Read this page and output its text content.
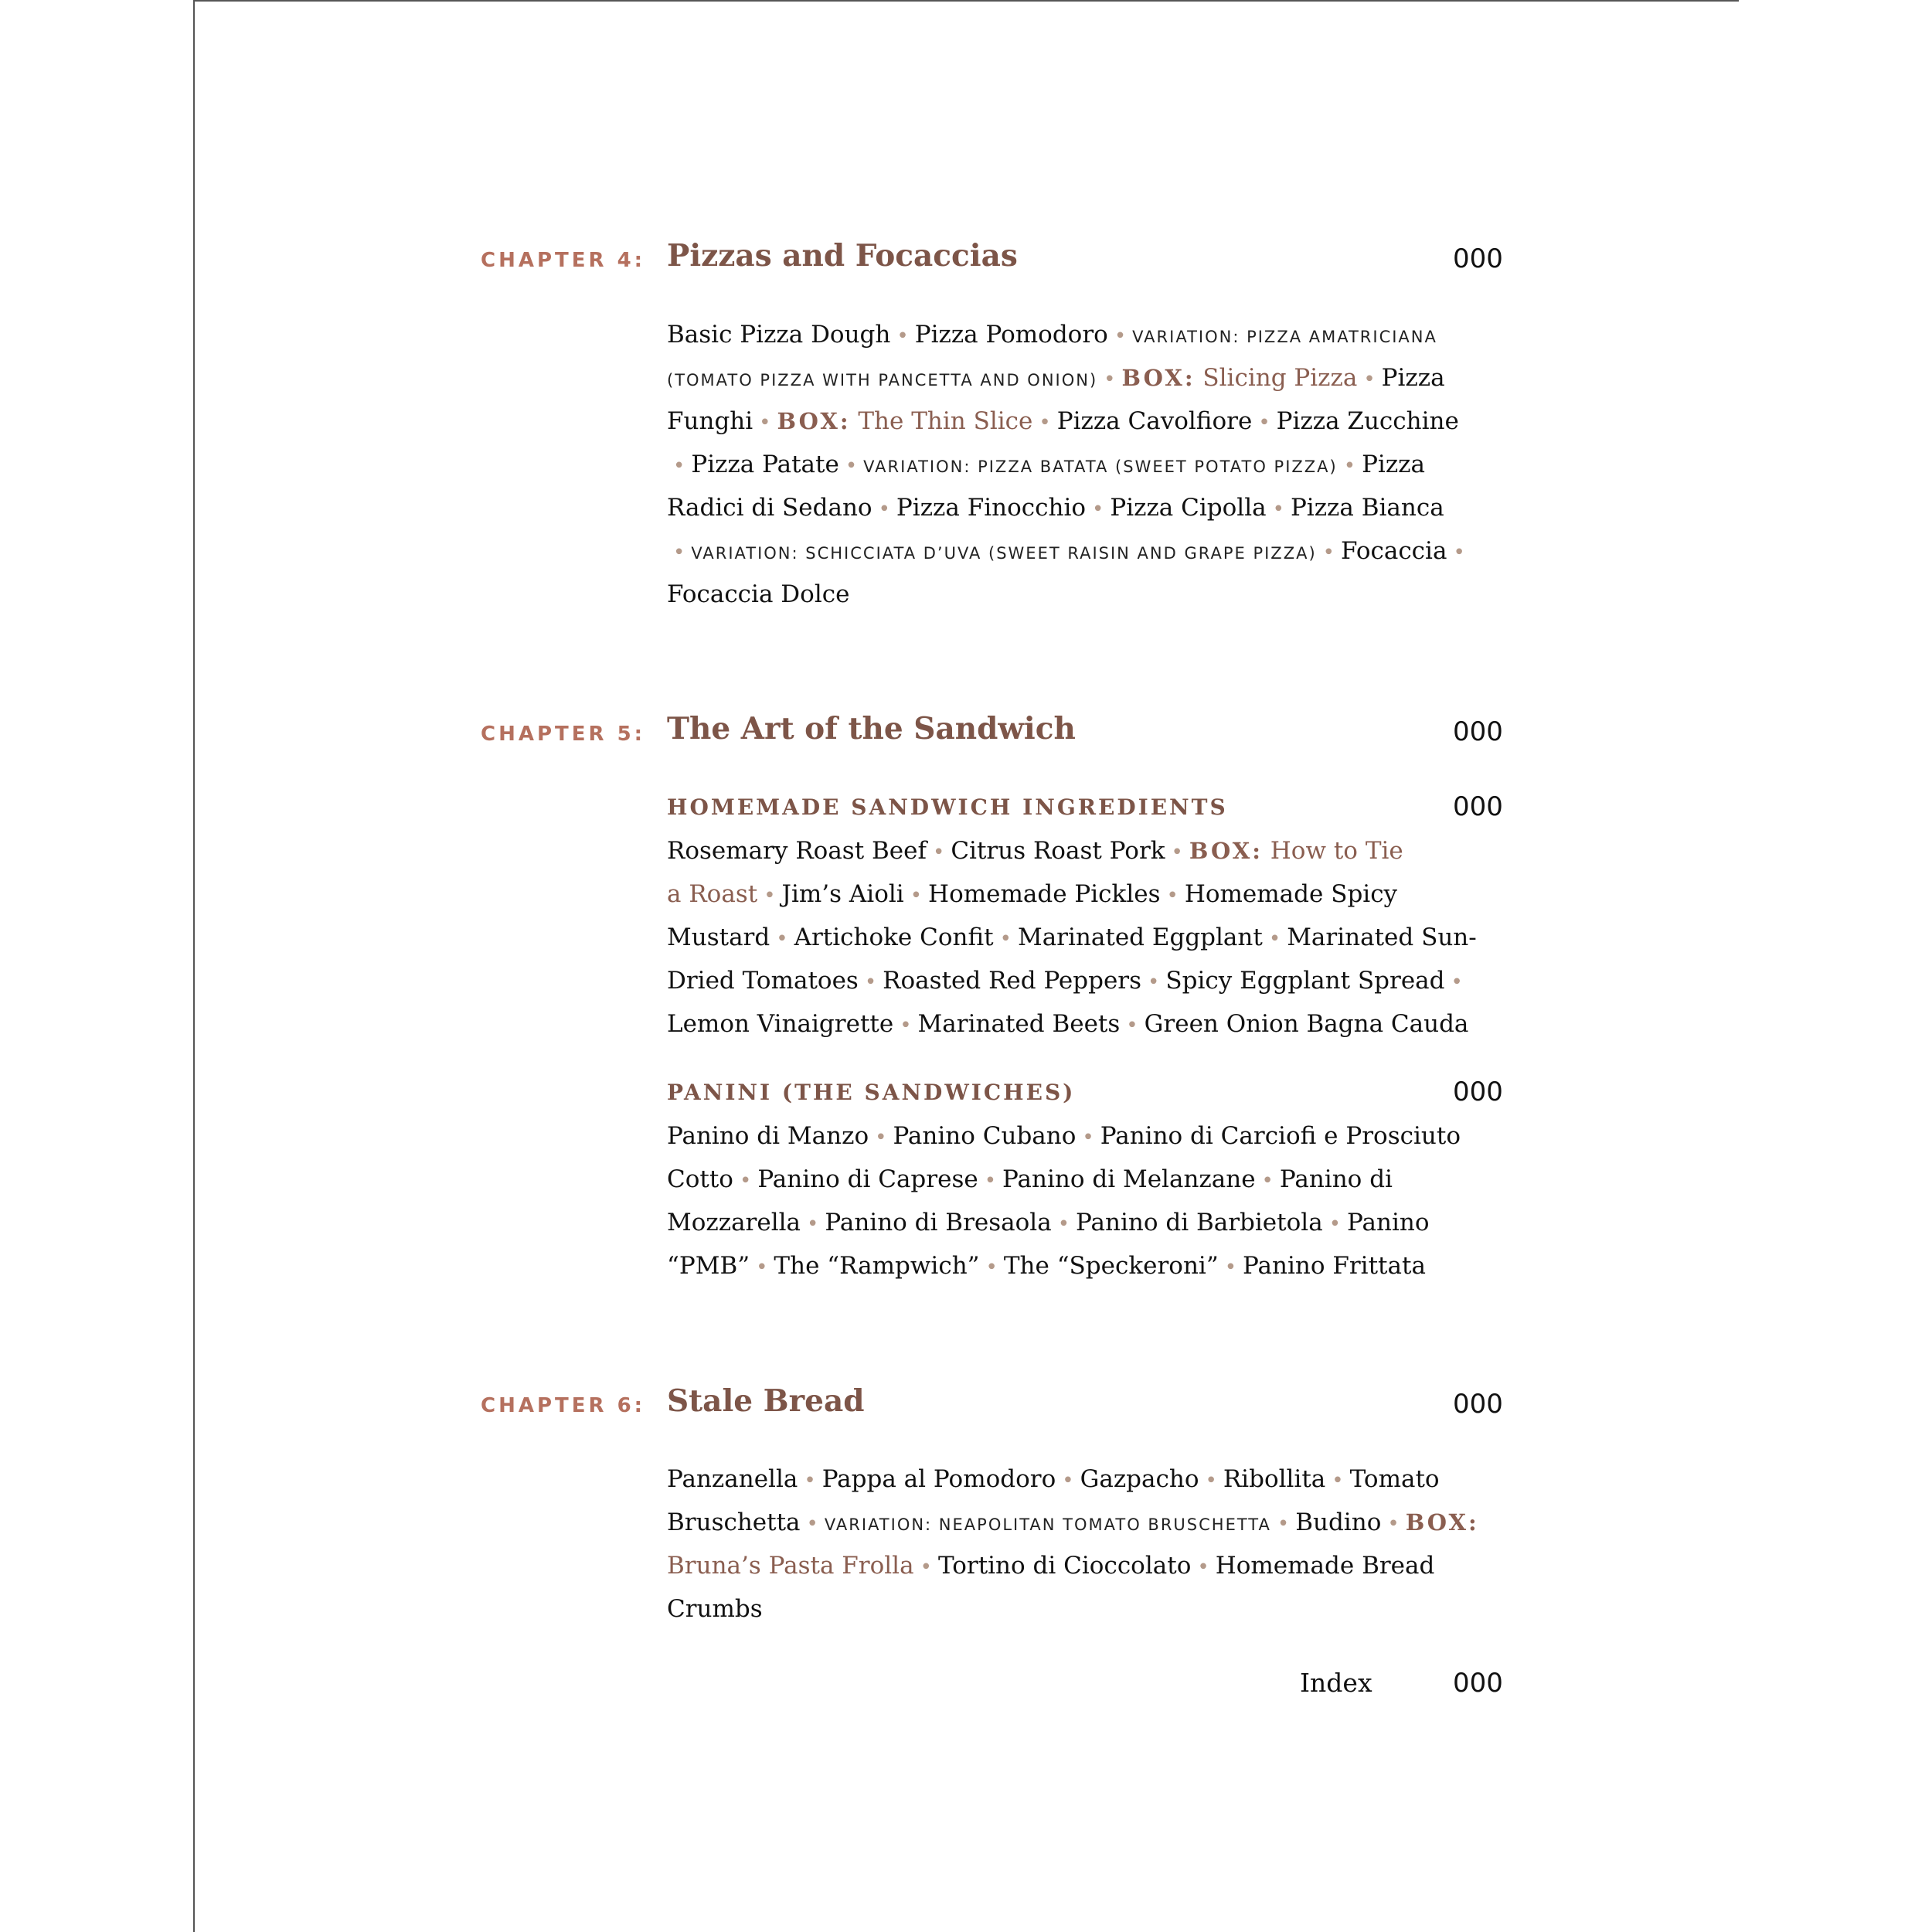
CHAPTER 4: Pizzas and Focaccias	000
Basic Pizza Dough • Pizza Pomodoro • VARIATION: PIZZA AMATRICIANA
(TOMATO PIZZA WITH PANCETTA AND ONION) • BOX: Slicing Pizza • Pizza
Funghi • BOX: The Thin Slice • Pizza Cavolfiore • Pizza Zucchine
• Pizza Patate • VARIATION: PIZZA BATATA (SWEET POTATO PIZZA) • Pizza
Radici di Sedano • Pizza Finocchio • Pizza Cipolla • Pizza Bianca
• VARIATION: SCHICCIATA D’UVA (SWEET RAISIN AND GRAPE PIZZA) • Focaccia •
Focaccia Dolce
CHAPTER 5: The Art of the Sandwich	000
HOMEMADE SANDWICH INGREDIENTS	000
Rosemary Roast Beef • Citrus Roast Pork • BOX: How to Tie
a Roast • Jim’s Aioli • Homemade Pickles • Homemade Spicy
Mustard • Artichoke Confit • Marinated Eggplant • Marinated Sun-
Dried Tomatoes • Roasted Red Peppers • Spicy Eggplant Spread •
Lemon Vinaigrette • Marinated Beets • Green Onion Bagna Cauda
PANINI (THE SANDWICHES)	000
Panino di Manzo • Panino Cubano • Panino di Carciofi e Prosciuto
Cotto • Panino di Caprese • Panino di Melanzane • Panino di
Mozzarella • Panino di Bresaola • Panino di Barbietola • Panino
“PMB” • The “Rampwich” • The “Speckeroni” • Panino Frittata
CHAPTER 6: Stale Bread	000
Panzanella • Pappa al Pomodoro • Gazpacho • Ribollita • Tomato
Bruschetta • VARIATION: NEAPOLITAN TOMATO BRUSCHETTA • Budino • BOX:
Bruna’s Pasta Frolla • Tortino di Cioccolato • Homemade Bread
Crumbs
Index	000
